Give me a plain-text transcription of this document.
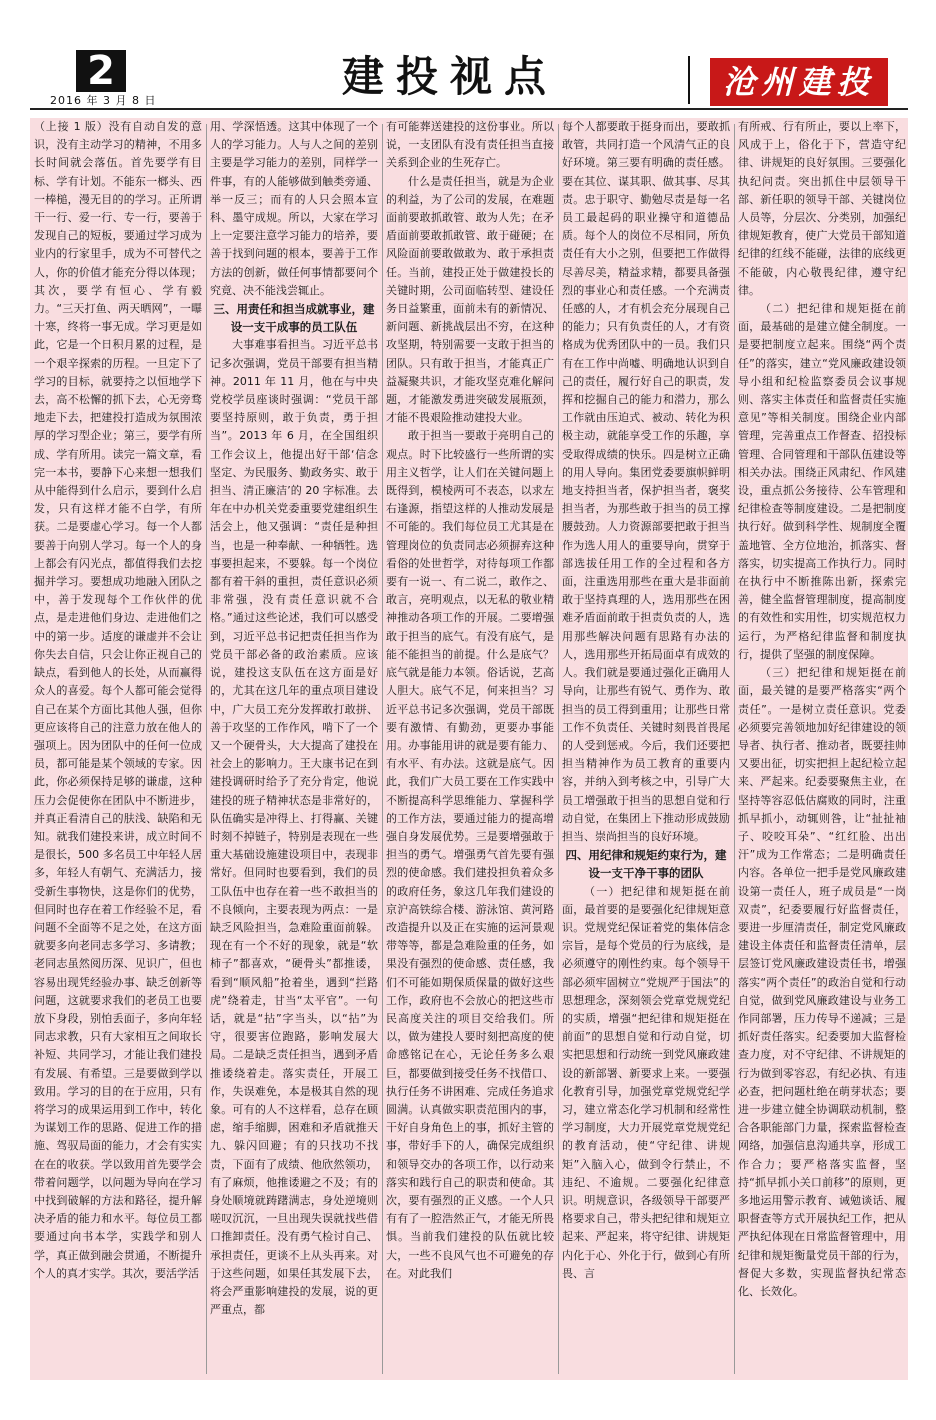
2
2016 年 3 月 8 日	建投视点	沧州建投

（上接 1 版）没有自动自发的意识，没有主动学习的精神，不用多长时间就会落伍。首先要学有目标、学有计划。不能东一榔头、西一棒槌，漫无目的的学习。正所谓干一行、爱一行、专一行，要善于发现自己的短板，要通过学习成为业内的行家里手，成为不可替代之人，你的价值才能充分得以体现；其次，要学有恒心、学有毅力。“三天打鱼、两天晒网”，一曝十寒，终将一事无成。学习更是如此，它是一个日积月累的过程，是一个艰辛探索的历程。一旦定下了学习的目标，就要持之以恒地学下去，高不松懈的抓下去，心无旁骛地走下去，把建投打造成为氛围浓厚的学习型企业；第三，要学有所成、学有所用。读完一篇文章，看完一本书，要静下心来想一想我们从中能得到什么启示，要到什么启发，只有这样才能不白学，有所获。二是要虚心学习。每一个人都要善于向别人学习。每一个人的身上都会有闪光点，都值得我们去挖掘并学习。要想成功地融入团队之中，善于发现每个工作伙伴的优点，是走进他们身边、走进他们之中的第一步。适度的谦虚并不会让你失去自信，只会让你正视自己的缺点，看到他人的长处，从而赢得众人的喜爱。每个人都可能会觉得自己在某个方面比其他人强，但你更应该将自己的注意力放在他人的强项上。因为团队中的任何一位成员，都可能是某个领域的专家。因此，你必须保持足够的谦虚，这种压力会促使你在团队中不断进步，并真正看清自己的肤浅、缺陷和无知。就我们建投来讲，成立时间不是很长，500 多名员工中年轻人居多，年轻人有朝气、充满活力，接受新生事物快，这是你们的优势，但同时也存在着工作经验不足，看问题不全面等不足之处，在这方面就要多向老同志多学习、多请教；老同志虽然阅历深、见识广，但也容易出现凭经验办事、缺乏创新等问题，这就要求我们的老员工也要放下身段，别怕丢面子，多向年轻同志求教，只有大家相互之间取长补短、共同学习，才能让我们建投有发展、有希望。三是要做到学以致用。学习的目的在于应用，只有将学习的成果运用到工作中，转化为谋划工作的思路、促进工作的措施、驾驭局面的能力，才会有实实在在的收获。学以致用首先要学会带着问题学，以问题为导向在学习中找到破解的方法和路径，提升解决矛盾的能力和水平。每位员工都要通过向书本学，实践学和别人学，真正做到融会贯通，不断提升个人的真才实学。其次，要活学活

用、学深悟透。这其中体现了一个人的学习能力。人与人之间的差别主要是学习能力的差别，同样学一件事，有的人能够做到触类旁通、举一反三；而有的人只会照本宣科、墨守成规。所以，大家在学习上一定要注意学习能力的培养，要善于找到问题的根本，要善于工作方法的创新，做任何事情都要问个究竟、决不能浅尝辄止。

三、用责任和担当成就事业，建设一支干成事的员工队伍

大事难事看担当。习近平总书记多次强调，党员干部要有担当精神。2011 年 11 月，他在与中央党校学员座谈时强调：“党员干部要坚持原则，敢于负责，勇于担当”。2013 年 6 月，在全国组织工作会议上，他提出好干部‘信念坚定、为民服务、勤政务实、敢于担当、清正廉洁’的 20 字标准。去年在中办机关党委重要党建组织生活会上，他又强调：“责任是种担当，也是一种奉献、一种牺牲。选事要担起来，不要躲。每一个岗位都有着干斜的重担，责任意识必须非常强，没有责任意识就不合格。”通过这些论述，我们可以感受到，习近平总书记把责任担当作为党员干部必备的政治素质。应该说，建投这支队伍在这方面是好的，尤其在这几年的重点项目建设中，广大员工充分发挥敢打敢拼、善于攻坚的工作作风，啃下了一个又一个硬骨头，大大提高了建投在社会上的影响力。王大康书记在到建投调研时给予了充分肯定，他说建投的班子精神状态是非常好的，队伍确实是冲得上、打得赢、关键时刻不掉链子，特别是表现在一些重大基础设施建设项目中，表现非常好。但同时也要看到，我们的员工队伍中也存在着一些不敢担当的不良倾向，主要表现为两点：一是缺乏风险担当，急难险重面前躲。现在有一个不好的现象，就是“软柿子”都喜欢，“硬骨头”都推诿，看到“顺风船”抢着坐，遇到“拦路虎”绕着走，甘当“太平官”。一句话，就是“拈”字当头，以“拈”为守，很要害位跑路，影响发展大局。二是缺乏责任担当，遇到矛盾推诿绕着走。落实责任，开展工作，失误难免，本是极其自然的现象。可有的人不这样看，总存在顾虑，缩手缩脚，困难和矛盾就推天九、躲闪回避；有的只找功不找责，下面有了成绩、他欣然领功，有了麻烦，他推诿避之不及；有的身处顺境就踌躇满志，身处逆境则嗟叹沉沉，一旦出现失误就找些借口推卸责任。没有勇气检讨自己、承担责任，更谈不上从头再来。对于这些问题，如果任其发展下去，将会严重影响建投的发展，说的更严重点，都

有可能葬送建投的这份事业。所以说，一支团队有没有责任担当直接关系到企业的生死存亡。

什么是责任担当，就是为企业的利益，为了公司的发展，在难题面前要敢抓敢管、敢为人先；在矛盾面前要敢抓敢管、敢于碰硬；在风险面前要敢做敢为、敢于承担责任。当前，建投正处于做建投长的关键时期，公司面临转型、建设任务日益繁重，面前未有的新情况、新问题、新挑战层出不穷，在这种攻坚期，特别需要一支敢于担当的团队。只有敢于担当，才能真正广益凝聚共识，才能攻坚克难化解问题，才能激发勇进突破发展瓶颈，才能不畏艰险推动建投大业。

敢于担当一要敢于亮明自己的观点。时下比较盛行一些所谓的实用主义哲学，让人们在关键问题上既得到，模棱两可不表态，以求左右逢源，指望这样的人推动发展是不可能的。我们每位员工尤其是在管理岗位的负责同志必须摒弃这种看俗的处世哲学，对待每项工作都要有一说一、有二说二，敢作之、敢言，亮明观点，以无私的敬业精神推动各项工作的开展。二要增强敢于担当的底气。有没有底气，是能不能担当的前提。什么是底气？底气就是能力本领。俗话说，艺高人胆大。底气不足，何来担当？习近平总书记多次强调，党员干部既要有激情、有勤劲，更要办事能用。办事能用讲的就是要有能力、有水平、有办法。这就是底气。因此，我们广大员工要在工作实践中不断提高科学思维能力、掌握科学的工作方法，要通过能力的提高增强自身发展优势。三是要增强敢于担当的勇气。增强勇气首先要有强烈的使命感。我们建投担负着众多的政府任务，象这几年我们建设的京沪高铁综合楼、游泳馆、黄河路改造提升以及正在实施的运河景观带等等，都是急难险重的任务，如果没有强烈的使命感、责任感，我们不可能如期保质保量的做好这些工作，政府也不会放心的把这些市民高度关注的项目交给我们。所以，做为建投人要时刻把高度的使命感铭记在心，无论任务多么艰巨，都要做到接受任务不找借口、执行任务不讲困难、完成任务追求圆满。认真做实职责范围内的事，干好自身角色上的事，抓好主管的事，带好手下的人，确保完成组织和领导交办的各项工作，以行动来落实和践行自己的职责和使命。其次，要有强烈的正义感。一个人只有有了一腔浩然正气，才能无所畏惧。当前我们建投的队伍就比较大，一些不良风气也不可避免的存在。对此我们

每个人都要敢于挺身而出，要敢抓敢管，共同打造一个风清气正的良好环境。第三要有明确的责任感。要在其位、谋其职、做其事、尽其责。忠于职守、勤勉尽责是每一名员工最起码的职业操守和道德品质。每个人的岗位不尽相同，所负责任有大小之别，但要把工作做得尽善尽美，精益求精，都要具备强烈的事业心和责任感。一个充满责任感的人，才有机会充分展现自己的能力；只有负责任的人，才有资格成为优秀团队中的一员。我们只有在工作中尚嘘、明确地认识到自己的责任，履行好自己的职责，发挥和挖掘自己的能力和潜力，那么工作就由压迫式、被动、转化为积极主动，就能享受工作的乐趣，享受取得成绩的快乐。四是树立正确的用人导向。集团党委要旗帜鲜明地支持担当者，保护担当者，褒奖担当者，为那些敢于担当的员工撑腰鼓劲。人力资源部要把敢于担当作为选人用人的重要导向，贯穿于部选拔任用工作的全过程和各方面，注重选用那些在重大是非面前敢于坚持真理的人，选用那些在困难矛盾面前敢于担责负责的人，选用那些解决问题有思路有办法的人，选用那些开拓局面卓有成效的人。我们就是要通过强化正确用人导向，让那些有锐气、勇作为、敢担当的员工得到重用；让那些日常工作不负责任、关键时刻畏首畏尾的人受到惩戒。今后，我们还要把担当精神作为员工教育的重要内容，并纳入到考核之中，引导广大员工增强敢于担当的思想自觉和行动自觉，在集团上下推动形成鼓励担当、崇尚担当的良好环境。

四、用纪律和规矩约束行为，建设一支干净干事的团队

（一）把纪律和规矩挺在前面，最首要的是要强化纪律规矩意识。党规党纪保证着党的集体信念宗旨，是每个党员的行为底线，是必须遵守的刚性约束。每个领导干部必须牢固树立“党规严于国法”的思想理念，深刻领会党章党规党纪的实质，增强“把纪律和规矩挺在前面”的思想自觉和行动自觉，切实把思想和行动统一到党风廉政建设的新部署、新要求上来。一要强化教育引导，加强党章党规党纪学习，建立常态化学习机制和经常性学习制度，大力开展党章党规党纪的教育活动，使“守纪律、讲规矩”入脑入心，做到令行禁止，不违纪、不逾规。二要强化纪律意识。明规意识，各级领导干部要严格要求自己，带头把纪律和规矩立起来、严起来，将守纪律、讲规矩内化于心、外化于行，做到心有所畏、言

有所戒、行有所止，要以上率下，风成于上，俗化于下，营造守纪律、讲规矩的良好氛围。三要强化执纪问责。突出抓住中层领导干部、新任职的领导干部、关键岗位人员等，分层次、分类别，加强纪律规矩教育，使广大党员干部知道纪律的红线不能碰，法律的底线更不能破，内心敬畏纪律，遵守纪律。

（二）把纪律和规矩挺在前面，最基础的是建立健全制度。一是要把制度立起来。围绕“两个责任”的落实，建立“党风廉政建设领导小组和纪检监察委员会议事规则、落实主体责任和监督责任实施意见”等相关制度。围绕企业内部管理，完善重点工作督查、招投标管理、合同管理和干部队伍建设等相关办法。围绕正风肃纪、作风建设，重点抓公务接待、公车管理和纪律检查等制度建设。二是把制度执行好。做到科学性、规制度全覆盖地管、全方位地治，抓落实、督落实，切实提高工作执行力。同时在执行中不断推陈出新，探索完善，健全监督管理制度，提高制度的有效性和实用性，切实规范权力运行，为严格纪律监督和制度执行，提供了坚强的制度保障。

（三）把纪律和规矩挺在前面，最关键的是要严格落实“两个责任”。一是树立责任意识。党委必须要完善领地加好纪律建设的领导者、执行者、推动者，既要挂帅又要出征，切实把担上起纪检立起来、严起来。纪委要聚焦主业，在坚持等容忍低估腐败的同时，注重抓早抓小，动辄则咎，让“扯扯袖子、咬咬耳朵”、“红红脸、出出汗”成为工作常态；二是明确责任内容。各单位一把手是党风廉政建设第一责任人，班子成员是“一岗双责”，纪委要履行好监督责任，要进一步厘清责任，制定党风廉政建设主体责任和监督责任清单，层层签订党风廉政建设责任书，增强落实“两个责任”的政治自觉和行动自觉，做到党风廉政建设与业务工作同部署，压力传导不递减；三是抓好责任落实。纪委要加大监督检查力度，对不守纪律、不讲规矩的行为做到零容忍，有纪必执、有违必查，把问题杜绝在萌芽状态；要进一步建立健全协调联动机制，整合各职能部门力量，探索监督检查网络，加强信息沟通共享，形成工作合力；要严格落实监督，坚持“抓早抓小关口前移”的原则，更多地运用警示教育、诫勉谈话、履职督查等方式开展执纪工作，把从严执纪体现在日常监督管理中，用纪律和规矩衡量党员干部的行为，督促大多数，实现监督执纪常态化、长效化。
